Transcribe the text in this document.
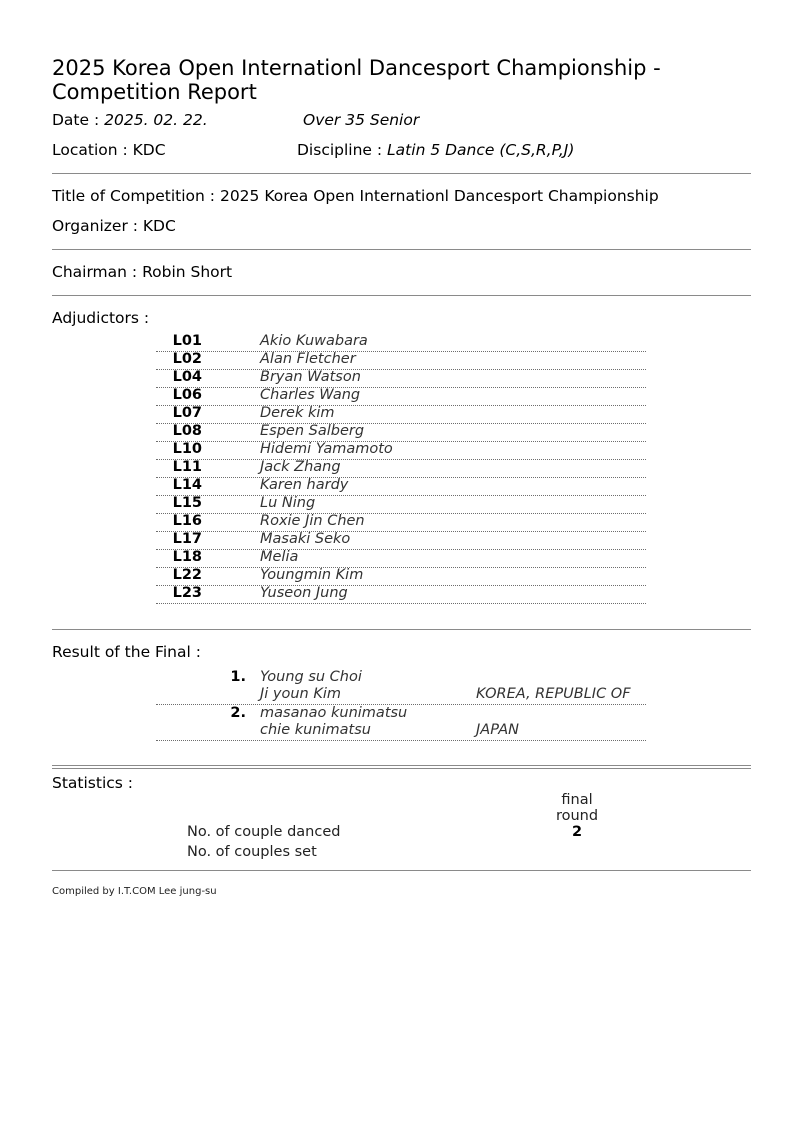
2025 Korea Open Internationl Dancesport Championship - Competition Report
Date : 2025. 02. 22.	Over 35 Senior
Location : KDC	Discipline : Latin 5 Dance (C,S,R,P,J)
Title of Competition : 2025 Korea Open Internationl Dancesport Championship
Organizer : KDC
Chairman : Robin Short
Adjudictors :
L01	Akio Kuwabara
L02	Alan Fletcher
L04	Bryan Watson
L06	Charles Wang
L07	Derek kim
L08	Espen Salberg
L10	Hidemi Yamamoto
L11	Jack Zhang
L14	Karen hardy
L15	Lu Ning
L16	Roxie Jin Chen
L17	Masaki Seko
L18	Melia
L22	Youngmin Kim
L23	Yuseon Jung
Result of the Final :
1. Young su Choi
Ji youn Kim	KOREA, REPUBLIC OF
2. masanao kunimatsu
chie kunimatsu	JAPAN
Statistics :
final
round
No. of couple danced	2
No. of couples set
Compiled by I.T.COM Lee jung-su
